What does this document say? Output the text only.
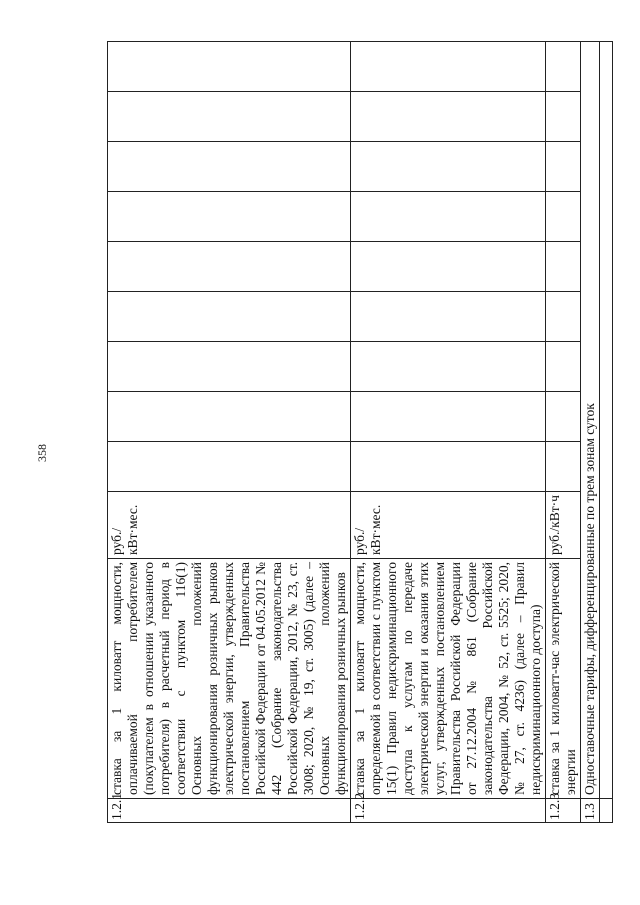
358
1.2.1	ставка за 1 киловатт мощности, оплачиваемой потребителем (покупателем в отношении указанного потребителя) в расчетный период в соответствии с пунктом 116(1) Основных положений функционирования розничных рынков электрической энергии, утвержденных постановлением Правительства Российской Федерации от 04.05.2012 № 442 (Собрание законодательства Российской Федерации, 2012, № 23, ст. 3008; 2020, № 19, ст. 3005) (далее – Основных положений функционирования розничных рынков	руб./кВт·мес.									
1.2.2	ставка за 1 киловатт мощности, определяемой в соответствии с пунктом 15(1) Правил недискриминационного доступа к услугам по передаче электрической энергии и оказания этих услуг, утвержденных постановлением Правительства Российской Федерации от 27.12.2004 № 861 (Собрание законодательства Российской Федерации, 2004, № 52, ст. 5525; 2020, № 27, ст. 4236) (далее – Правил недискриминационного доступа)	руб./кВт·мес.									
1.2.3	ставка за 1 киловатт-час электрической энергии	руб./кВт·ч									
1.3	Одноставочные тарифы, дифференцированные по трем зонам суток										
